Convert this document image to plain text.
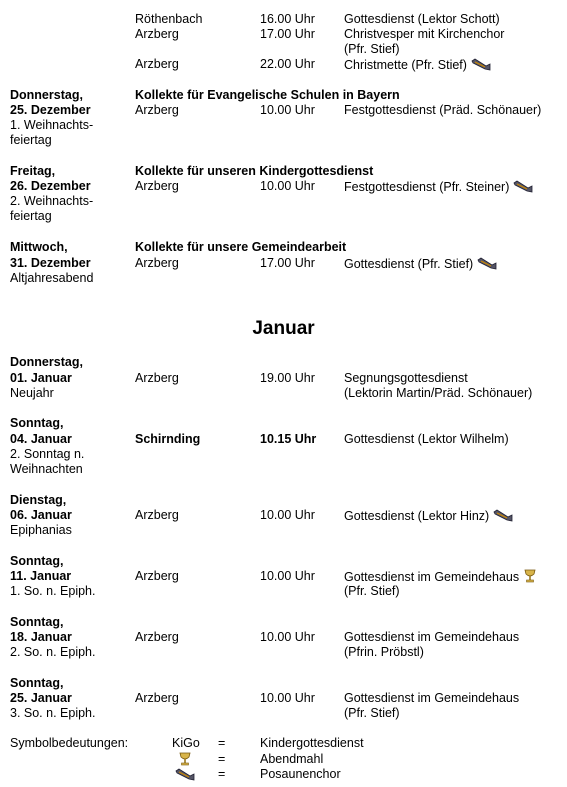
Röthenbach	16.00 Uhr Gottesdienst (Lektor Schott)
Arzberg	17.00 Uhr Christvesper mit Kirchenchor
(Pfr. Stief)
Arzberg	22.00 Uhr Christmette (Pfr. Stief)
Donnerstag,	Kollekte für Evangelische Schulen in Bayern
25. Dezember	Arzberg	10.00 Uhr Festgottesdienst (Präd. Schönauer)
1. Weihnachts-
feiertag
Freitag,	Kollekte für unseren Kindergottesdienst
26. Dezember	Arzberg	10.00 Uhr Festgottesdienst (Pfr. Steiner)
2. Weihnachts-
feiertag
Mittwoch,	Kollekte für unsere Gemeindearbeit
31. Dezember	Arzberg	17.00 Uhr Gottesdienst (Pfr. Stief)
Altjahresabend
Januar
Donnerstag,
01. Januar	Arzberg	19.00 Uhr Segnungsgottesdienst
Neujahr	(Lektorin Martin/Präd. Schönauer)
Sonntag,
04. Januar	Schirnding	10.15 Uhr Gottesdienst (Lektor Wilhelm)
2. Sonntag n.
Weihnachten
Dienstag,
06. Januar	Arzberg	10.00 Uhr Gottesdienst (Lektor Hinz)
Epiphanias
Sonntag,
11. Januar	Arzberg	10.00 Uhr Gottesdienst im Gemeindehaus
1. So. n. Epiph.	(Pfr. Stief)
Sonntag,
18. Januar	Arzberg	10.00 Uhr Gottesdienst im Gemeindehaus
2. So. n. Epiph.	(Pfrin. Pröbstl)
Sonntag,
25. Januar	Arzberg	10.00 Uhr Gottesdienst im Gemeindehaus
3. So. n. Epiph.	(Pfr. Stief)
Symbolbedeutungen:	KiGo =	Kindergottesdienst
=	Abendmahl
=	Posaunenchor
